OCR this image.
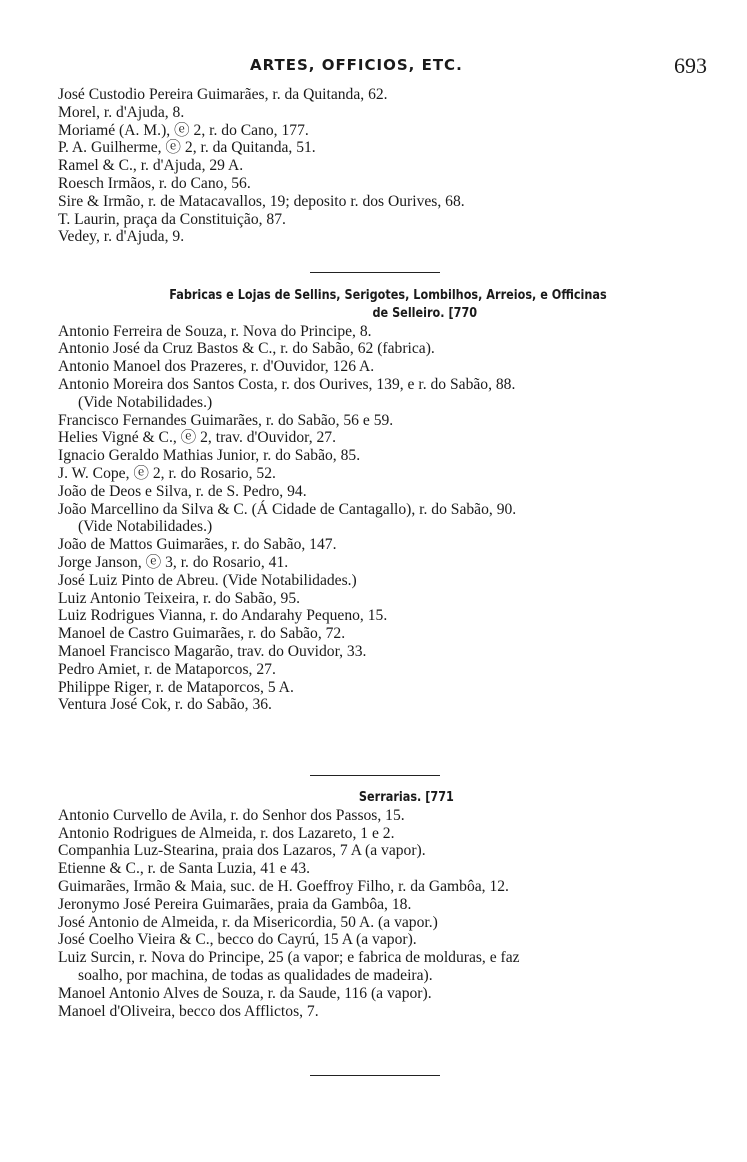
ARTES, OFFICIOS, ETC.	693
José Custodio Pereira Guimarães, r. da Quitanda, 62.
Morel, r. d'Ajuda, 8.
Moriamé (A. M.), ⓔ 2, r. do Cano, 177.
P. A. Guilherme, ⓔ 2, r. da Quitanda, 51.
Ramel & C., r. d'Ajuda, 29 A.
Roesch Irmãos, r. do Cano, 56.
Sire & Irmão, r. de Matacavallos, 19; deposito r. dos Ourives, 68.
T. Laurin, praça da Constituição, 87.
Vedey, r. d'Ajuda, 9.
Fabricas e Lojas de Sellins, Serigotes, Lombilhos, Arreios, e Officinas
de Selleiro. [770
Antonio Ferreira de Souza, r. Nova do Principe, 8.
Antonio José da Cruz Bastos & C., r. do Sabão, 62 (fabrica).
Antonio Manoel dos Prazeres, r. d'Ouvidor, 126 A.
Antonio Moreira dos Santos Costa, r. dos Ourives, 139, e r. do Sabão, 88.
(Vide Notabilidades.)
Francisco Fernandes Guimarães, r. do Sabão, 56 e 59.
Helies Vigné & C., ⓔ 2, trav. d'Ouvidor, 27.
Ignacio Geraldo Mathias Junior, r. do Sabão, 85.
J. W. Cope, ⓔ 2, r. do Rosario, 52.
João de Deos e Silva, r. de S. Pedro, 94.
João Marcellino da Silva & C. (Á Cidade de Cantagallo), r. do Sabão, 90.
(Vide Notabilidades.)
João de Mattos Guimarães, r. do Sabão, 147.
Jorge Janson, ⓔ 3, r. do Rosario, 41.
José Luiz Pinto de Abreu. (Vide Notabilidades.)
Luiz Antonio Teixeira, r. do Sabão, 95.
Luiz Rodrigues Vianna, r. do Andarahy Pequeno, 15.
Manoel de Castro Guimarães, r. do Sabão, 72.
Manoel Francisco Magarão, trav. do Ouvidor, 33.
Pedro Amiet, r. de Mataporcos, 27.
Philippe Riger, r. de Mataporcos, 5 A.
Ventura José Cok, r. do Sabão, 36.
Serrarias. [771
Antonio Curvello de Avila, r. do Senhor dos Passos, 15.
Antonio Rodrigues de Almeida, r. dos Lazareto, 1 e 2.
Companhia Luz-Stearina, praia dos Lazaros, 7 A (a vapor).
Etienne & C., r. de Santa Luzia, 41 e 43.
Guimarães, Irmão & Maia, suc. de H. Goeffroy Filho, r. da Gambôa, 12.
Jeronymo José Pereira Guimarães, praia da Gambôa, 18.
José Antonio de Almeida, r. da Misericordia, 50 A. (a vapor.)
José Coelho Vieira & C., becco do Cayrú, 15 A (a vapor).
Luiz Surcin, r. Nova do Principe, 25 (a vapor; e fabrica de molduras, e faz
soalho, por machina, de todas as qualidades de madeira).
Manoel Antonio Alves de Souza, r. da Saude, 116 (a vapor).
Manoel d'Oliveira, becco dos Afflictos, 7.
